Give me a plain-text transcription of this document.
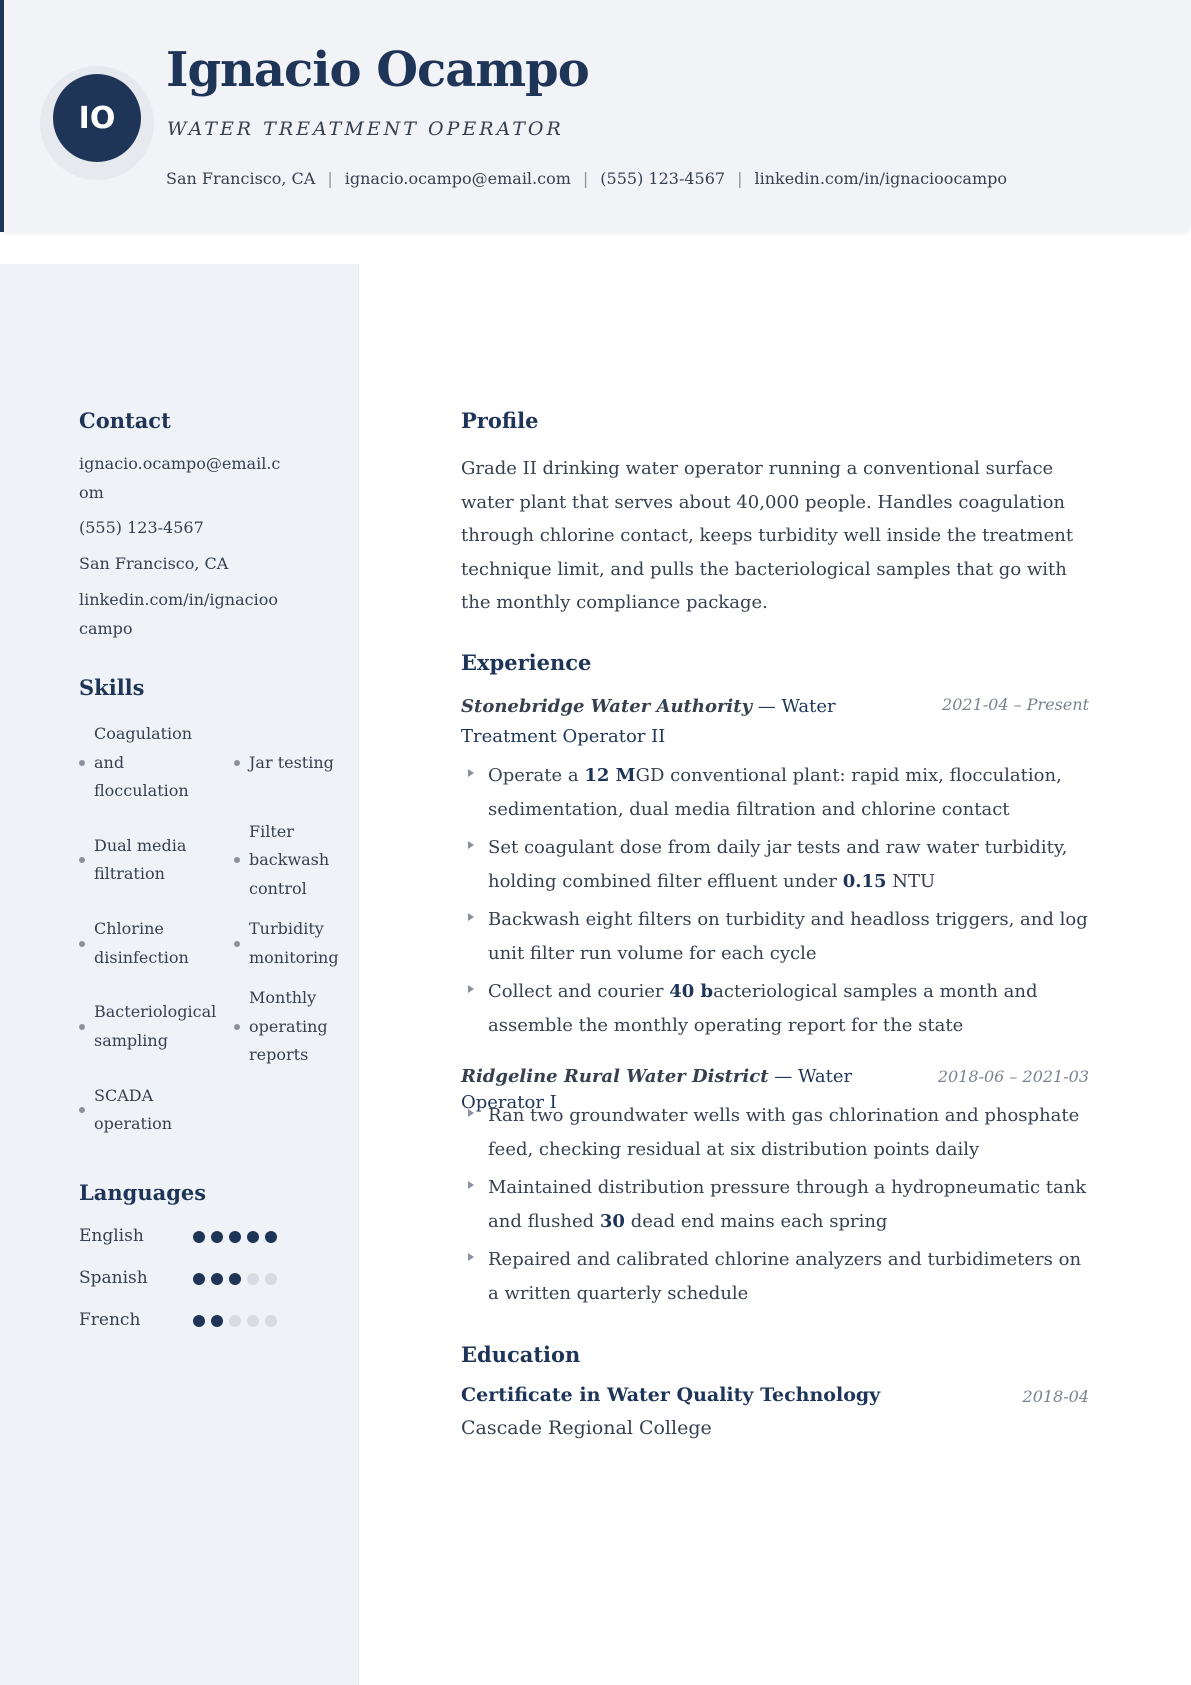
IO
Ignacio Ocampo
WATER TREATMENT OPERATOR
San Francisco, CA | ignacio.ocampo@email.com | (555) 123-4567 | linkedin.com/in/ignacioocampo
Contact
ignacio.ocampo@email.com
(555) 123-4567
San Francisco, CA
linkedin.com/in/ignacioocampo
Skills
Coagulation and flocculation
Jar testing
Dual media filtration
Filter backwash control
Chlorine disinfection
Turbidity monitoring
Bacteriological sampling
Monthly operating reports
SCADA operation
Languages
English
Spanish
French
Profile

Grade II drinking water operator running a conventional surface water plant that serves about 40,000 people. Handles coagulation through chlorine contact, keeps turbidity well inside the treatment technique limit, and pulls the bacteriological samples that go with the monthly compliance package.

Experience
Stonebridge Water Authority — Water Treatment Operator II
2021-04 – Present
Operate a 12 MGD conventional plant: rapid mix, flocculation, sedimentation, dual media filtration and chlorine contact
Set coagulant dose from daily jar tests and raw water turbidity, holding combined filter effluent under 0.15 NTU
Backwash eight filters on turbidity and headloss triggers, and log unit filter run volume for each cycle
Collect and courier 40 bacteriological samples a month and assemble the monthly operating report for the state
Ridgeline Rural Water District — Water Operator I
2018-06 – 2021-03
Ran two groundwater wells with gas chlorination and phosphate feed, checking residual at six distribution points daily
Maintained distribution pressure through a hydropneumatic tank and flushed 30 dead end mains each spring
Repaired and calibrated chlorine analyzers and turbidimeters on a written quarterly schedule
Education
Certificate in Water Quality Technology	2018-04
Cascade Regional College
